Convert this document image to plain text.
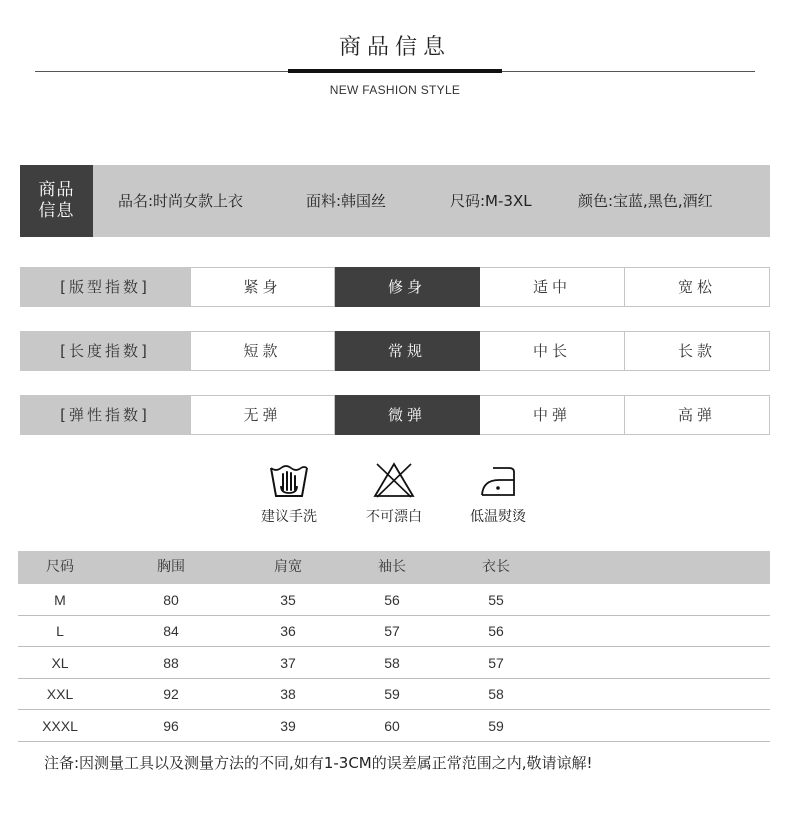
商品信息
NEW FASHION STYLE
商品
信息	品名:时尚女款上衣	面料:韩国丝	尺码:M-3XL	颜色:宝蓝,黑色,酒红
[版型指数]	紧身	修身	适中	宽松
[长度指数]	短款	常规	中长	长款
[弹性指数]	无弹	微弹	中弹	高弹
建议手洗	不可漂白	低温熨烫
尺码	胸围	肩宽	袖长	衣长
M	80	35	56	55
L	84	36	57	56
XL	88	37	58	57
XXL	92	38	59	58
XXXL	96	39	60	59
注备:因测量工具以及测量方法的不同,如有1-3CM的误差属正常范围之内,敬请谅解!
